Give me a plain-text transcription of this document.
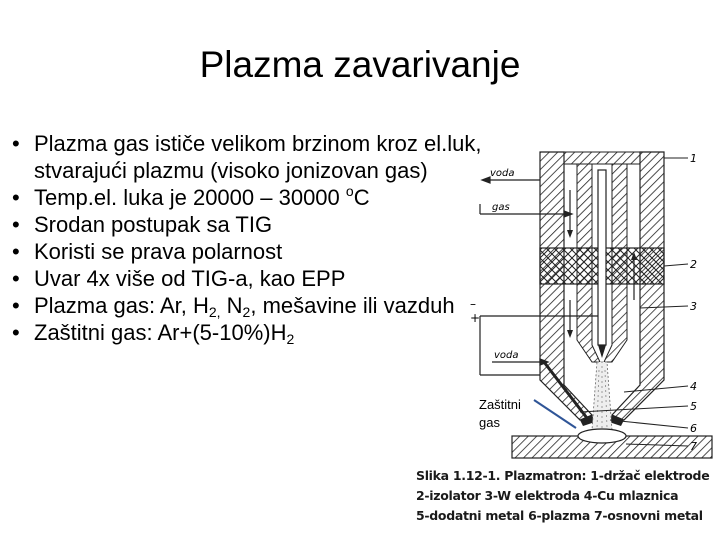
Plazma zavarivanje
• Plazma gas ističe velikom brzinom kroz el.luk, stvarajući plazmu (visoko jonizovan gas)
• Temp.el. luka je 20000 – 30000 $^o$C
• Srodan postupak sa TIG
• Koristi se prava polarnost
• Uvar 4x više od TIG-a, kao EPP
• Plazma gas: Ar, $H_{2,}$ $N_2$, mešavine ili vazduh
• Zaštitni gas: $Ar+(5-10\%)H_2$
voda
gas
voda
–
+
1
2
3
4
5
6
7
Zaštitni
gas
Slika 1.12-1. Plazmatron: 1-držač elektrode
2-izolator 3-W elektroda 4-Cu mlaznica
5-dodatni metal 6-plazma 7-osnovni metal
